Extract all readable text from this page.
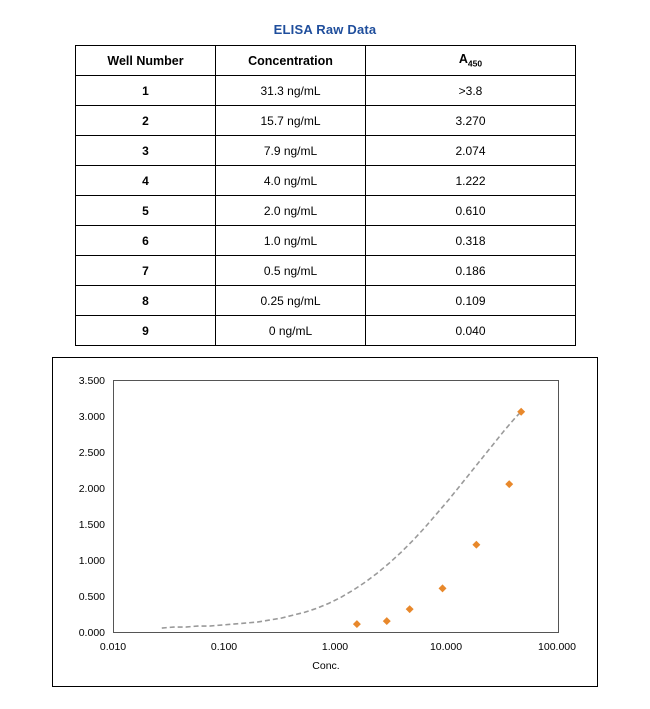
ELISA Raw Data
Well Number	Concentration	$A_{450}$
1	31.3 ng/mL	>3.8
2	15.7 ng/mL	3.270
3	7.9 ng/mL	2.074
4	4.0 ng/mL	1.222
5	2.0 ng/mL	0.610
6	1.0 ng/mL	0.318
7	0.5 ng/mL	0.186
8	0.25 ng/mL	0.109
9	0 ng/mL	0.040
0.000
0.500
1.000
1.500
2.000
2.500
3.000
3.500
0.010	0.100	1.000	10.000	100.000
Conc.
